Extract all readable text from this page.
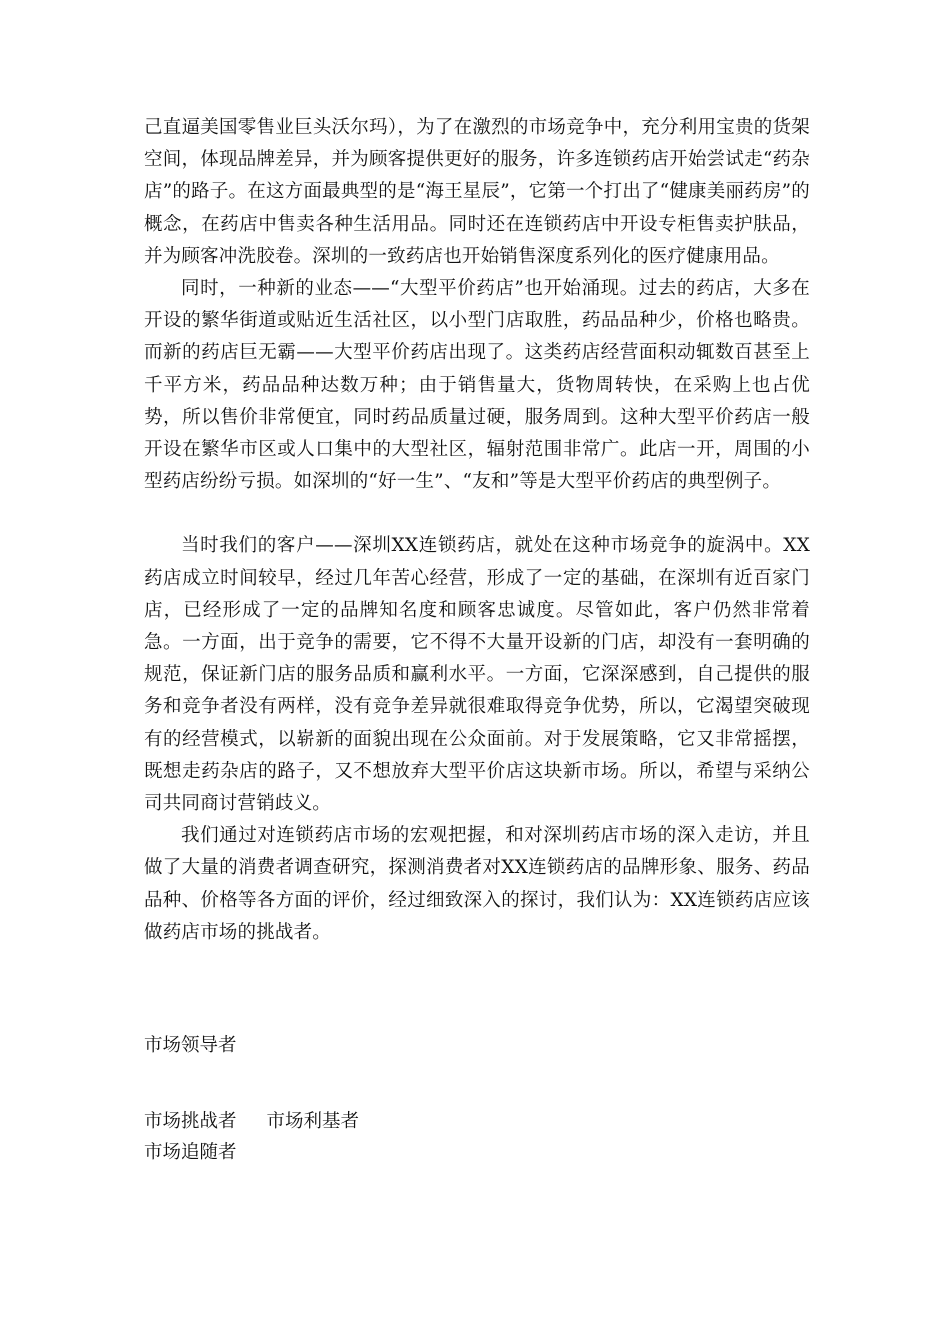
己直逼美国零售业巨头沃尔玛），为了在激烈的市场竞争中，充分利用宝贵的货架空间，体现品牌差异，并为顾客提供更好的服务，许多连锁药店开始尝试走“药杂店”的路子。在这方面最典型的是“海王星辰”，它第一个打出了“健康美丽药房”的概念，在药店中售卖各种生活用品。同时还在连锁药店中开设专柜售卖护肤品，并为顾客冲洗胶卷。深圳的一致药店也开始销售深度系列化的医疗健康用品。

同时，一种新的业态——“大型平价药店”也开始涌现。过去的药店，大多在开设的繁华街道或贴近生活社区，以小型门店取胜，药品品种少，价格也略贵。而新的药店巨无霸——大型平价药店出现了。这类药店经营面积动辄数百甚至上千平方米，药品品种达数万种；由于销售量大，货物周转快，在采购上也占优势，所以售价非常便宜，同时药品质量过硬，服务周到。这种大型平价药店一般开设在繁华市区或人口集中的大型社区，辐射范围非常广。此店一开，周围的小型药店纷纷亏损。如深圳的“好一生”、“友和”等是大型平价药店的典型例子。

当时我们的客户——深圳XX连锁药店，就处在这种市场竞争的旋涡中。XX药店成立时间较早，经过几年苦心经营，形成了一定的基础，在深圳有近百家门店，已经形成了一定的品牌知名度和顾客忠诚度。尽管如此，客户仍然非常着急。一方面，出于竞争的需要，它不得不大量开设新的门店，却没有一套明确的规范，保证新门店的服务品质和赢利水平。一方面，它深深感到，自己提供的服务和竞争者没有两样，没有竞争差异就很难取得竞争优势，所以，它渴望突破现有的经营模式，以崭新的面貌出现在公众面前。对于发展策略，它又非常摇摆，既想走药杂店的路子，又不想放弃大型平价店这块新市场。所以，希望与采纳公司共同商讨营销歧义。

我们通过对连锁药店市场的宏观把握，和对深圳药店市场的深入走访，并且做了大量的消费者调查研究，探测消费者对XX连锁药店的品牌形象、服务、药品品种、价格等各方面的评价，经过细致深入的探讨，我们认为：XX连锁药店应该做药店市场的挑战者。

市场领导者
市场挑战者 市场利基者
市场追随者
